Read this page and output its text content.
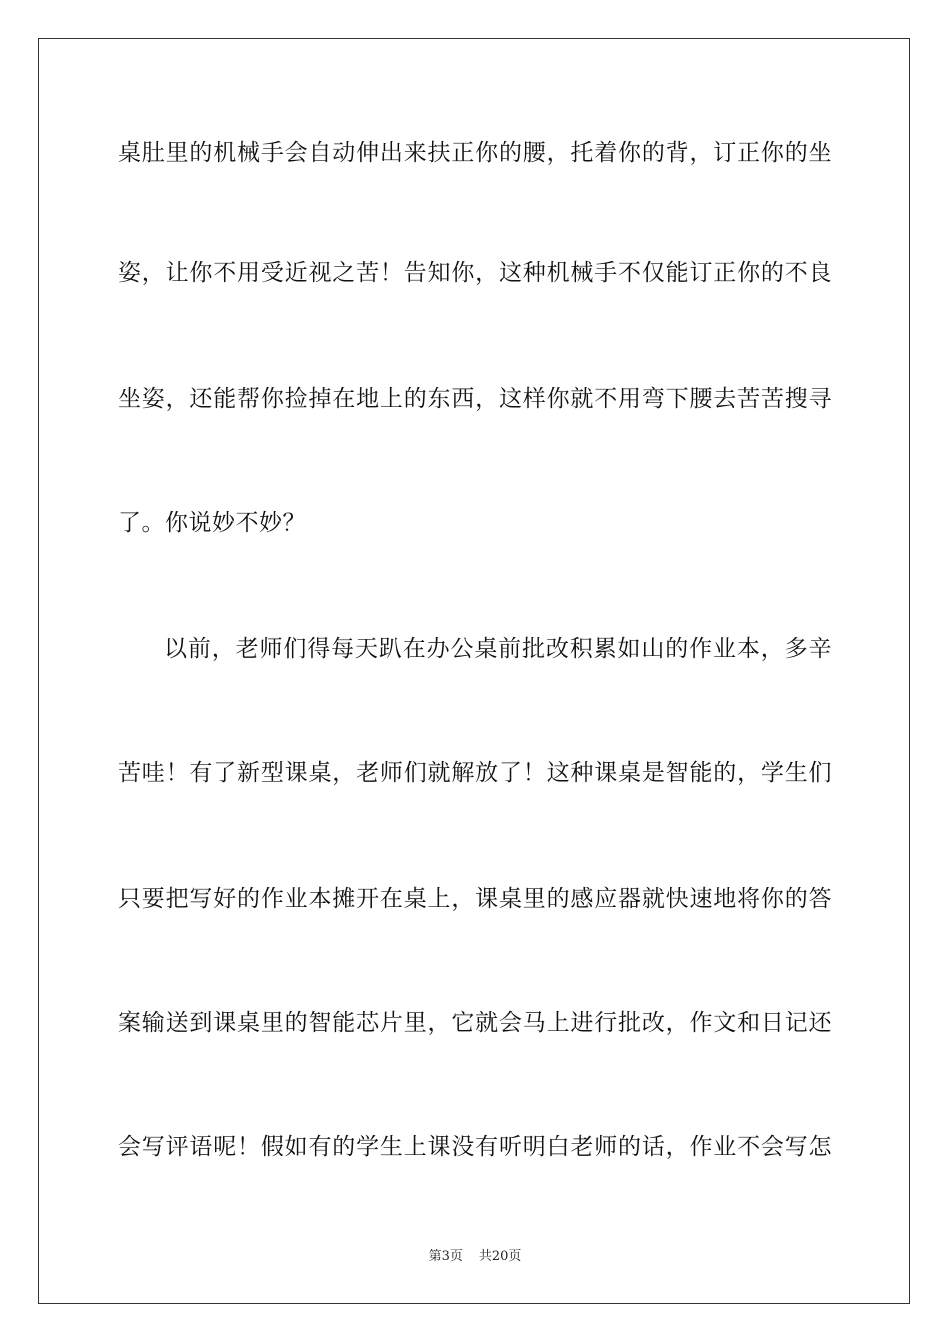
桌肚里的机械手会自动伸出来扶正你的腰，托着你的背，订正你的坐
姿，让你不用受近视之苦！告知你，这种机械手不仅能订正你的不良
坐姿，还能帮你捡掉在地上的东西，这样你就不用弯下腰去苦苦搜寻
了。你说妙不妙？
以前，老师们得每天趴在办公桌前批改积累如山的作业本，多辛
苦哇！有了新型课桌，老师们就解放了！这种课桌是智能的，学生们
只要把写好的作业本摊开在桌上，课桌里的感应器就快速地将你的答
案输送到课桌里的智能芯片里，它就会马上进行批改，作文和日记还
会写评语呢！假如有的学生上课没有听明白老师的话，作业不会写怎
第3页 共20页
